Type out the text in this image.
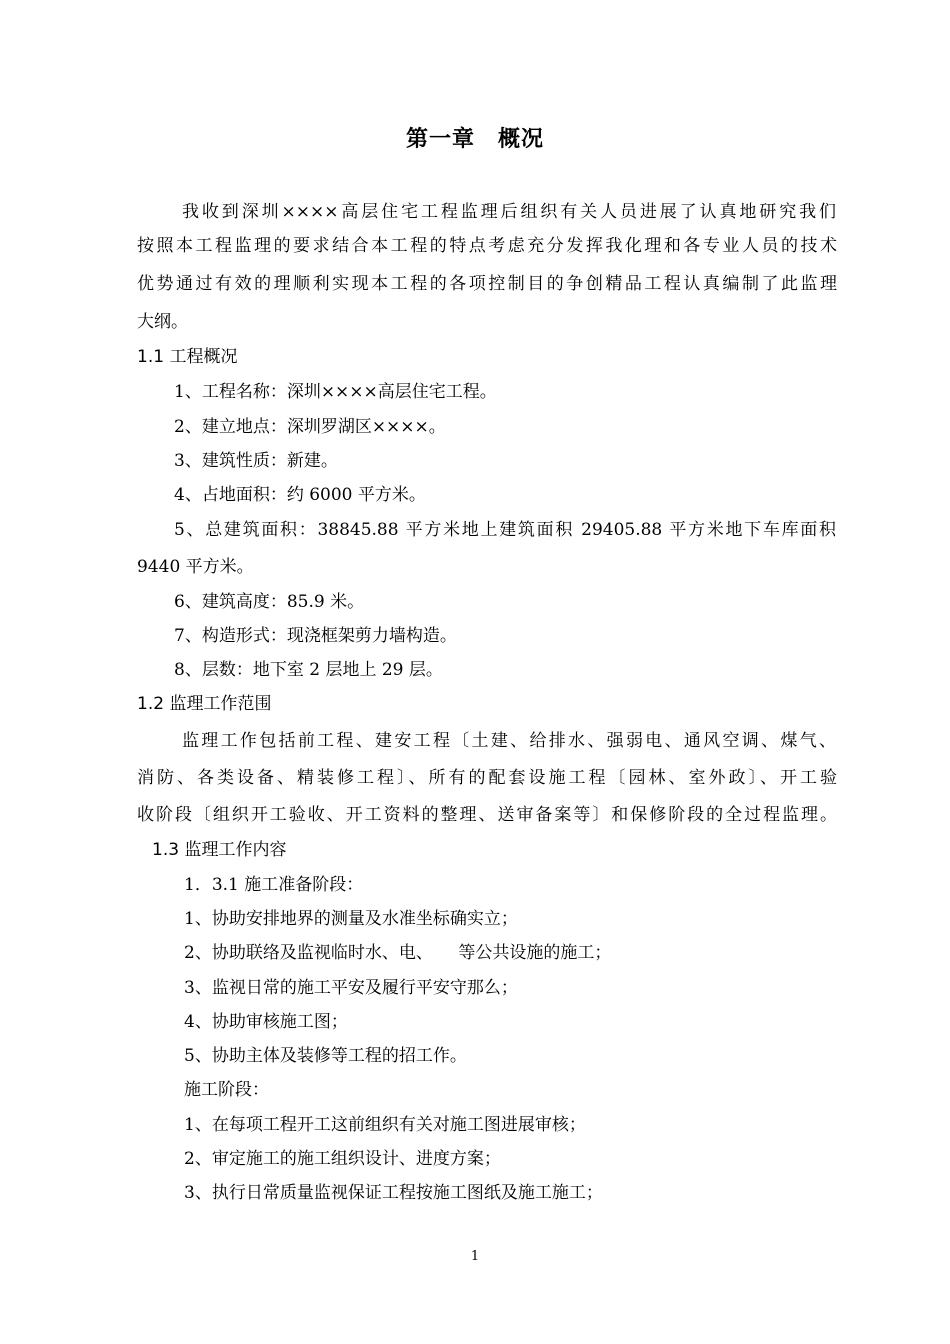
第一章　概况
我收到深圳××××高层住宅工程监理后组织有关人员进展了认真地研究我们
按照本工程监理的要求结合本工程的特点考虑充分发挥我化理和各专业人员的技术
优势通过有效的理顺利实现本工程的各项控制目的争创精品工程认真编制了此监理
大纲。
1.1 工程概况
1、工程名称：深圳××××高层住宅工程。
2、建立地点：深圳罗湖区××××。
3、建筑性质：新建。
4、占地面积：约 6000 平方米。
5、总建筑面积：38845.88 平方米地上建筑面积 29405.88 平方米地下车库面积
9440 平方米。
6、建筑高度：85.9 米。
7、构造形式：现浇框架剪力墙构造。
8、层数：地下室 2 层地上 29 层。
1.2 监理工作范围
监理工作包括前工程、建安工程〔土建、给排水、强弱电、通风空调、煤气、
消防、各类设备、精装修工程〕、所有的配套设施工程〔园林、室外政〕、开工验
收阶段〔组织开工验收、开工资料的整理、送审备案等〕和保修阶段的全过程监理。
1.3 监理工作内容
1．3.1 施工准备阶段：
1、协助安排地界的测量及水准坐标确实立；
2、协助联络及监视临时水、电、　　等公共设施的施工；
3、监视日常的施工平安及履行平安守那么；
4、协助审核施工图；
5、协助主体及装修等工程的招工作。
施工阶段：
1、在每项工程开工这前组织有关对施工图进展审核；
2、审定施工的施工组织设计、进度方案；
3、执行日常质量监视保证工程按施工图纸及施工施工；
1
